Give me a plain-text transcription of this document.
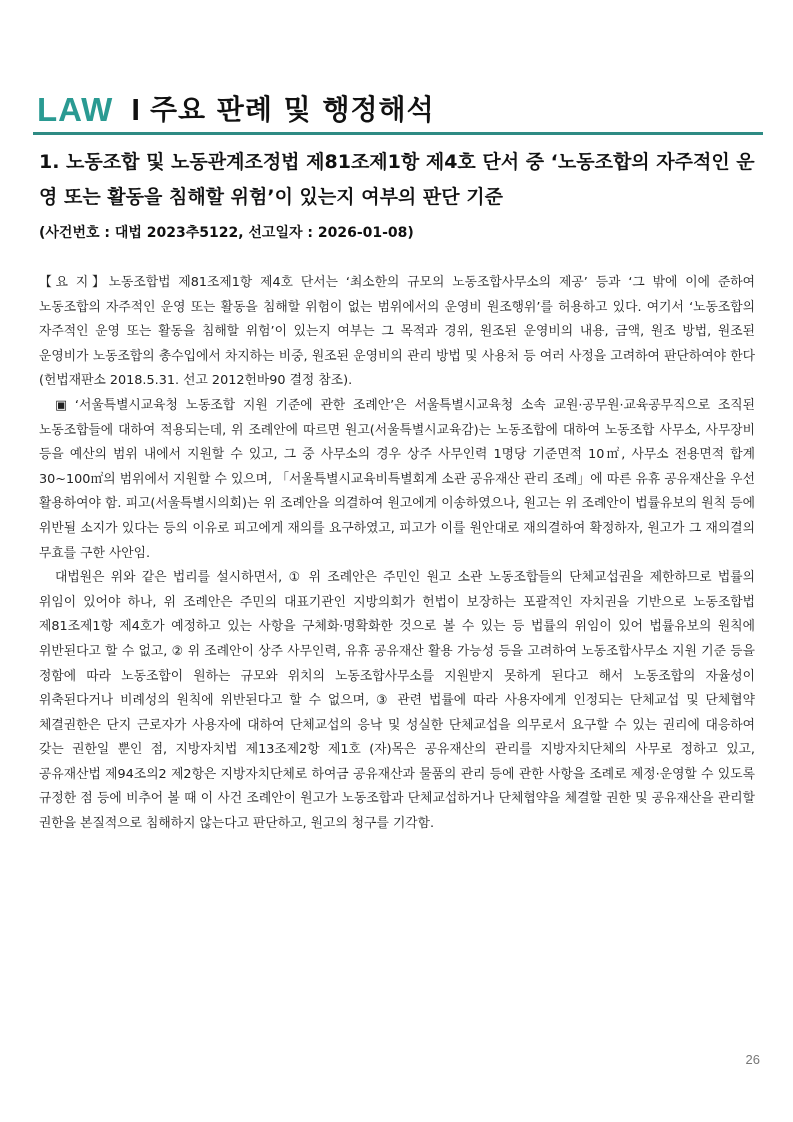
LAW I 주요 판례 및 행정해석
1. 노동조합 및 노동관계조정법 제81조제1항 제4호 단서 중 ‘노동조합의 자주적인 운영 또는 활동을 침해할 위험’이 있는지 여부의 판단 기준
(사건번호 : 대법 2023추5122, 선고일자 : 2026-01-08)

【요 지】노동조합법 제81조제1항 제4호 단서는 ‘최소한의 규모의 노동조합사무소의 제공’ 등과 ‘그 밖에 이에 준하여 노동조합의 자주적인 운영 또는 활동을 침해할 위험이 없는 범위에서의 운영비 원조행위’를 허용하고 있다. 여기서 ‘노동조합의 자주적인 운영 또는 활동을 침해할 위험’이 있는지 여부는 그 목적과 경위, 원조된 운영비의 내용, 금액, 원조 방법, 원조된 운영비가 노동조합의 총수입에서 차지하는 비중, 원조된 운영비의 관리 방법 및 사용처 등 여러 사정을 고려하여 판단하여야 한다(헌법재판소 2018.5.31. 선고 2012헌바90 결정 참조).

▣ ‘서울특별시교육청 노동조합 지원 기준에 관한 조례안’은 서울특별시교육청 소속 교원·공무원·교육공무직으로 조직된 노동조합들에 대하여 적용되는데, 위 조례안에 따르면 원고(서울특별시교육감)는 노동조합에 대하여 노동조합 사무소, 사무장비 등을 예산의 범위 내에서 지원할 수 있고, 그 중 사무소의 경우 상주 사무인력 1명당 기준면적 10㎡, 사무소 전용면적 합계 30~100㎡의 범위에서 지원할 수 있으며, 「서울특별시교육비특별회계 소관 공유재산 관리 조례」에 따른 유휴 공유재산을 우선 활용하여야 함. 피고(서울특별시의회)는 위 조례안을 의결하여 원고에게 이송하였으나, 원고는 위 조례안이 법률유보의 원칙 등에 위반될 소지가 있다는 등의 이유로 피고에게 재의를 요구하였고, 피고가 이를 원안대로 재의결하여 확정하자, 원고가 그 재의결의 무효를 구한 사안임.

대법원은 위와 같은 법리를 설시하면서, ① 위 조례안은 주민인 원고 소관 노동조합들의 단체교섭권을 제한하므로 법률의 위임이 있어야 하나, 위 조례안은 주민의 대표기관인 지방의회가 헌법이 보장하는 포괄적인 자치권을 기반으로 노동조합법 제81조제1항 제4호가 예정하고 있는 사항을 구체화·명확화한 것으로 볼 수 있는 등 법률의 위임이 있어 법률유보의 원칙에 위반된다고 할 수 없고, ② 위 조례안이 상주 사무인력, 유휴 공유재산 활용 가능성 등을 고려하여 노동조합사무소 지원 기준 등을 정함에 따라 노동조합이 원하는 규모와 위치의 노동조합사무소를 지원받지 못하게 된다고 해서 노동조합의 자율성이 위축된다거나 비례성의 원칙에 위반된다고 할 수 없으며, ③ 관련 법률에 따라 사용자에게 인정되는 단체교섭 및 단체협약 체결권한은 단지 근로자가 사용자에 대하여 단체교섭의 응낙 및 성실한 단체교섭을 의무로서 요구할 수 있는 권리에 대응하여 갖는 권한일 뿐인 점, 지방자치법 제13조제2항 제1호 (자)목은 공유재산의 관리를 지방자치단체의 사무로 정하고 있고, 공유재산법 제94조의2 제2항은 지방자치단체로 하여금 공유재산과 물품의 관리 등에 관한 사항을 조례로 제정·운영할 수 있도록 규정한 점 등에 비추어 볼 때 이 사건 조례안이 원고가 노동조합과 단체교섭하거나 단체협약을 체결할 권한 및 공유재산을 관리할 권한을 본질적으로 침해하지 않는다고 판단하고, 원고의 청구를 기각함.

26
